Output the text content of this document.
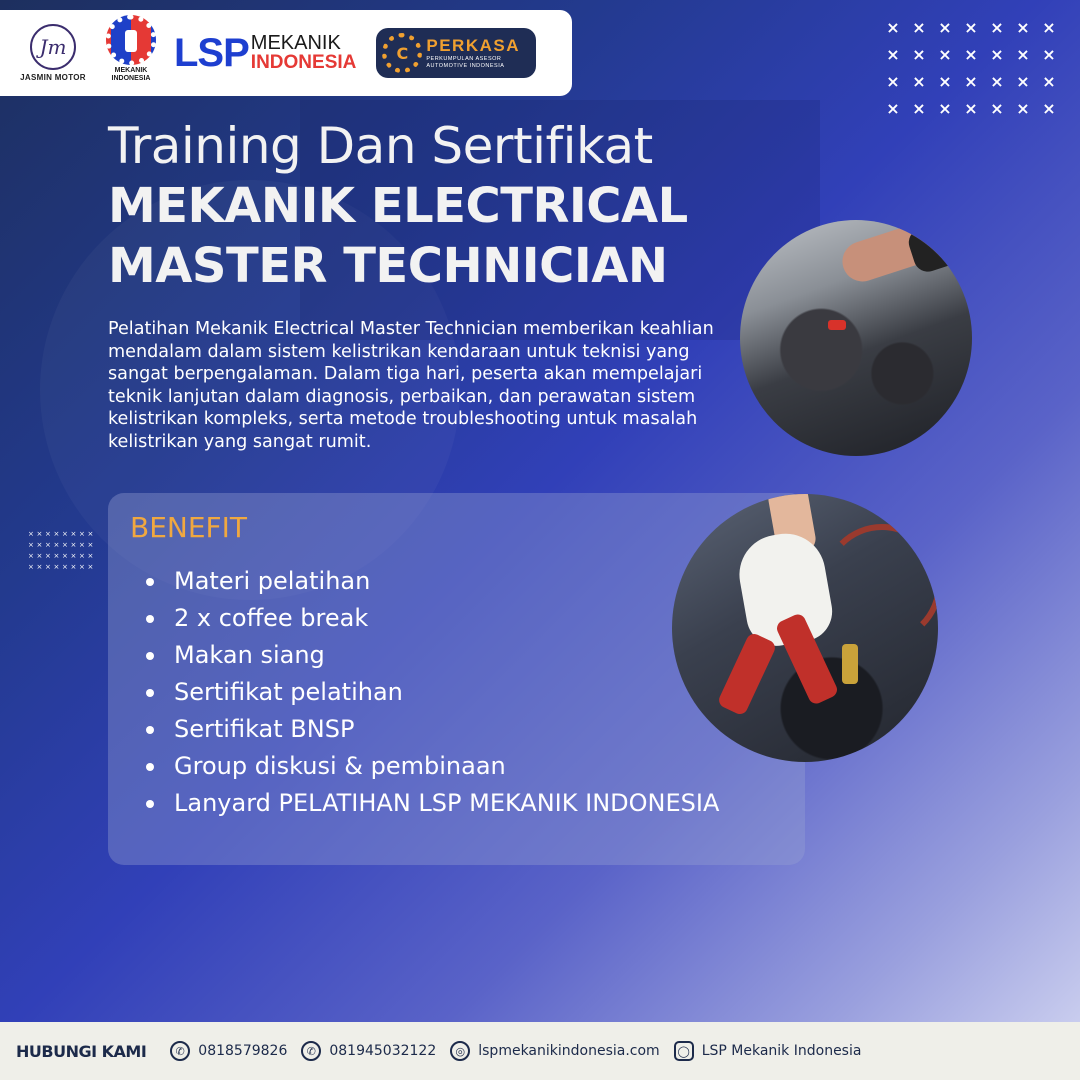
Jm
JASMIN MOTOR
MEKANIK
INDONESIA
LSP MEKANIK
INDONESIA	C	PERKASA
PERKUMPULAN ASESOR
AUTOMOTIVE INDONESIA
× × × × × × ×
× × × × × × ×
× × × × × × ×
× × × × × × ×
× × × × × × × ×
× × × × × × × ×
× × × × × × × ×
× × × × × × × ×
Training Dan Sertifikat
MEKANIK ELECTRICAL
MASTER TECHNICIAN

Pelatihan Mekanik Electrical Master Technician memberikan keahlian mendalam dalam sistem kelistrikan kendaraan untuk teknisi yang sangat berpengalaman. Dalam tiga hari, peserta akan mempelajari teknik lanjutan dalam diagnosis, perbaikan, dan perawatan sistem kelistrikan kompleks, serta metode troubleshooting untuk masalah kelistrikan yang sangat rumit.

BENEFIT
Materi pelatihan
2 x coffee break
Makan siang
Sertifikat pelatihan
Sertifikat BNSP
Group diskusi & pembinaan
Lanyard PELATIHAN LSP MEKANIK INDONESIA
HUBUNGI KAMI	✆ 0818579826	✆ 081945032122	◎ lspmekanikindonesia.com	◯ LSP Mekanik Indonesia
